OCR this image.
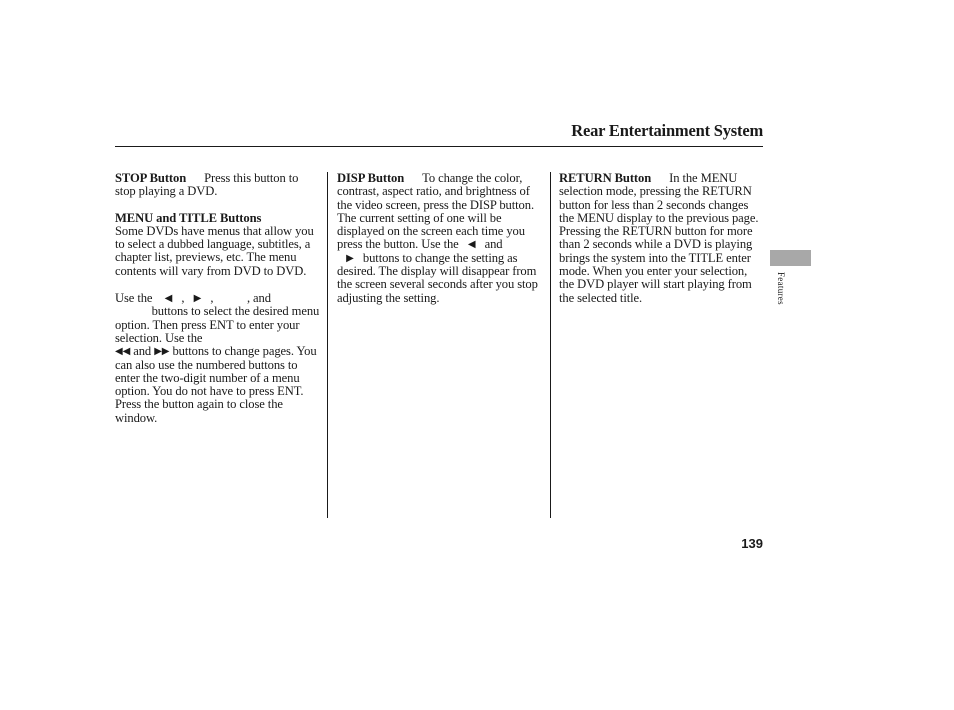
Rear Entertainment System

STOP Button Press this button to stop playing a DVD.

MENU and TITLE Buttons

Some DVDs have menus that allow you to select a dubbed language, subtitles, a chapter list, previews, etc. The menu contents will vary from DVD to DVD.

Use the ◀ , ▶ ,	, and
buttons to select the desired menu option. Then press ENT to enter your selection. Use the
◀◀ and ▶▶ buttons to change pages. You can also use the numbered buttons to enter the two-digit number of a menu option. You do not have to press ENT. Press the button again to close the window.

DISP Button To change the color, contrast, aspect ratio, and brightness of the video screen, press the DISP button. The current setting of one will be displayed on the screen each time you press the button. Use the ◀ and
▶ buttons to change the setting as desired. The display will disappear from the screen several seconds after you stop adjusting the setting.

RETURN Button In the MENU selection mode, pressing the RETURN button for less than 2 seconds changes the MENU display to the previous page. Pressing the RETURN button for more than 2 seconds while a DVD is playing brings the system into the TITLE enter mode. When you enter your selection, the DVD player will start playing from the selected title.	Features
139
